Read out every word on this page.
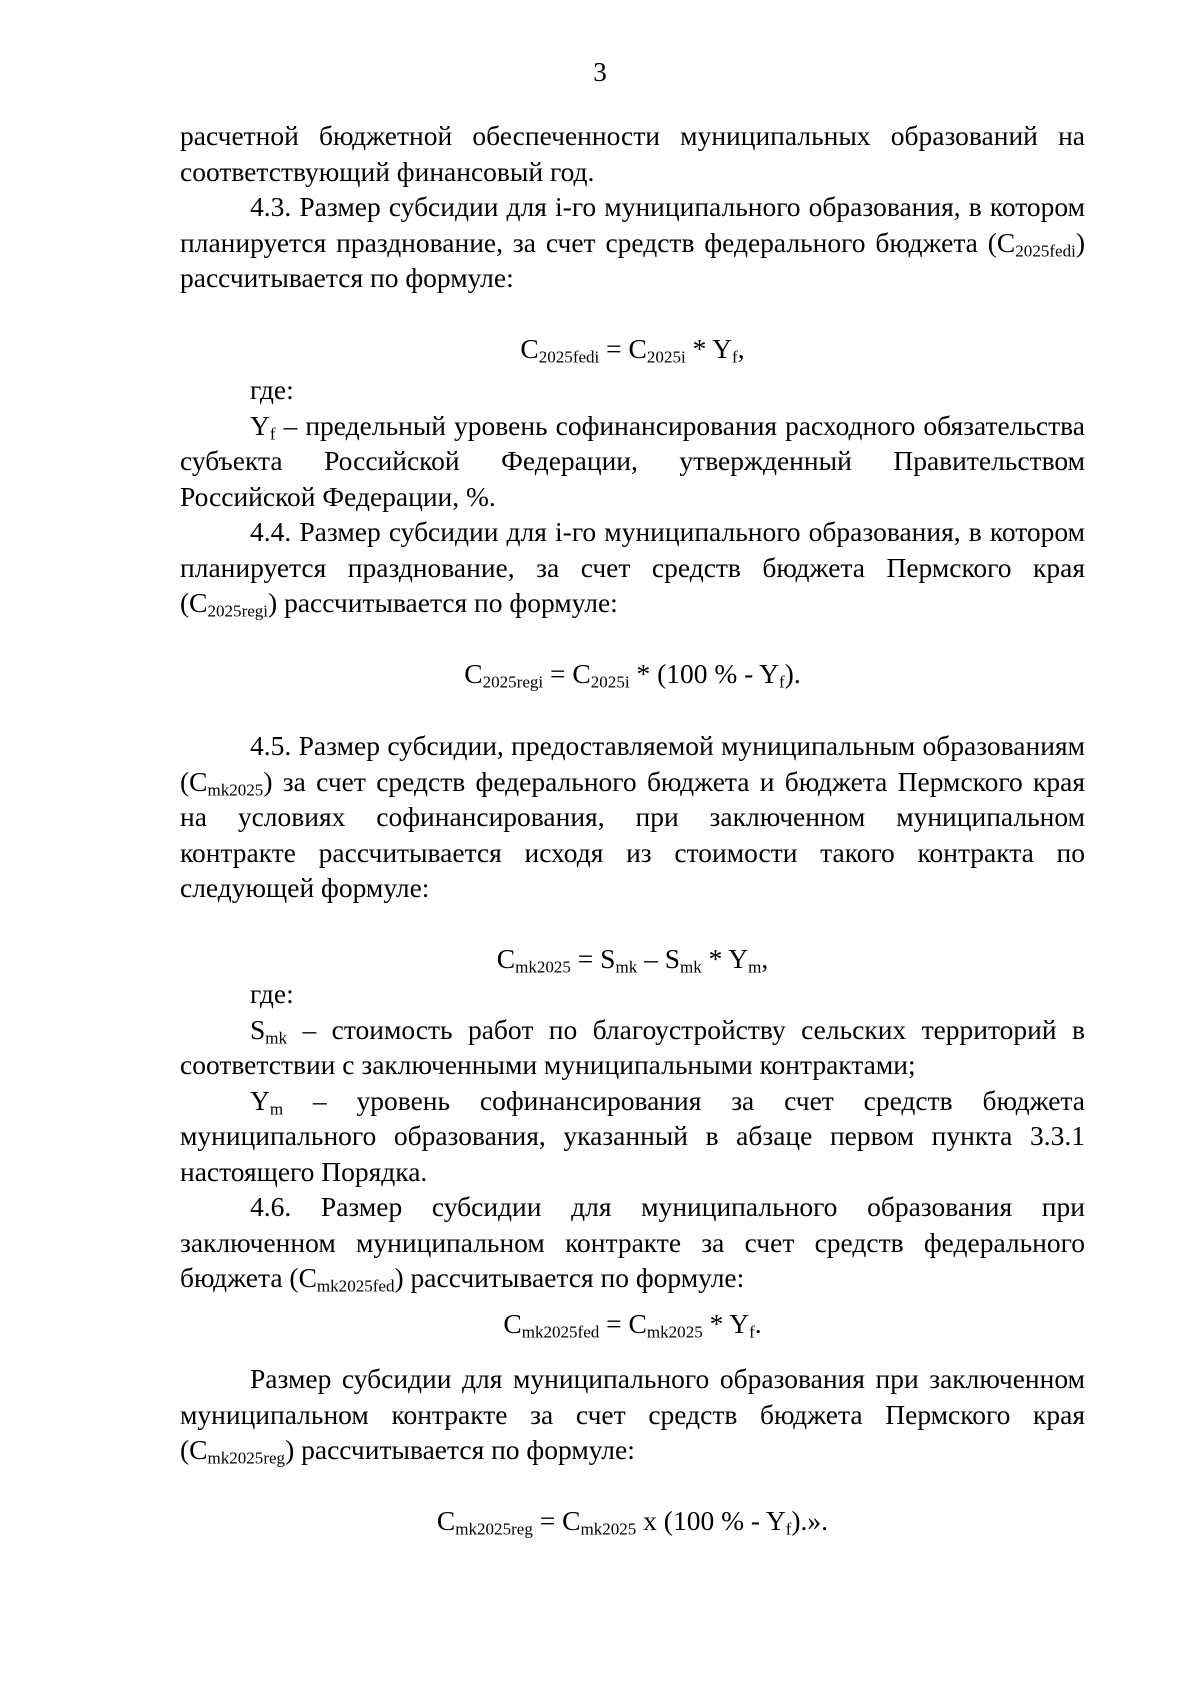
3

расчетной бюджетной обеспеченности муниципальных образований на соответствующий финансовый год.

4.3. Размер субсидии для i-го муниципального образования, в котором планируется празднование, за счет средств федерального бюджета $(C_{2025fedi})$ рассчитывается по формуле:

$C_{2025fedi} = C_{2025i} * Y_f$,

где:

$Y_f$ – предельный уровень софинансирования расходного обязательства субъекта Российской Федерации, утвержденный Правительством Российской Федерации, %.

4.4. Размер субсидии для i-го муниципального образования, в котором планируется празднование, за счет средств бюджета Пермского края $(C_{2025regi})$ рассчитывается по формуле:

$C_{2025regi} = C_{2025i} * (100$ % - $Y_f$).

4.5. Размер субсидии, предоставляемой муниципальным образованиям $(C_{mk2025})$ за счет средств федерального бюджета и бюджета Пермского края на условиях софинансирования, при заключенном муниципальном контракте рассчитывается исходя из стоимости такого контракта по следующей формуле:

$C_{mk2025} = S_{mk} - S_{mk} * Y_m$,

где:

$S_{mk}$ – стоимость работ по благоустройству сельских территорий в соответствии с заключенными муниципальными контрактами;

$Y_m$ – уровень софинансирования за счет средств бюджета муниципального образования, указанный в абзаце первом пункта 3.3.1 настоящего Порядка.

4.6. Размер субсидии для муниципального образования при заключенном муниципальном контракте за счет средств федерального бюджета $(C_{mk2025fed})$ рассчитывается по формуле:

$C_{mk2025fed} = C_{mk2025} * Y_f$.

Размер субсидии для муниципального образования при заключенном муниципальном контракте за счет средств бюджета Пермского края $(C_{mk2025reg})$ рассчитывается по формуле:

$C_{mk2025reg} = C_{mk2025}$ x (100 % - $Y_f$).».
